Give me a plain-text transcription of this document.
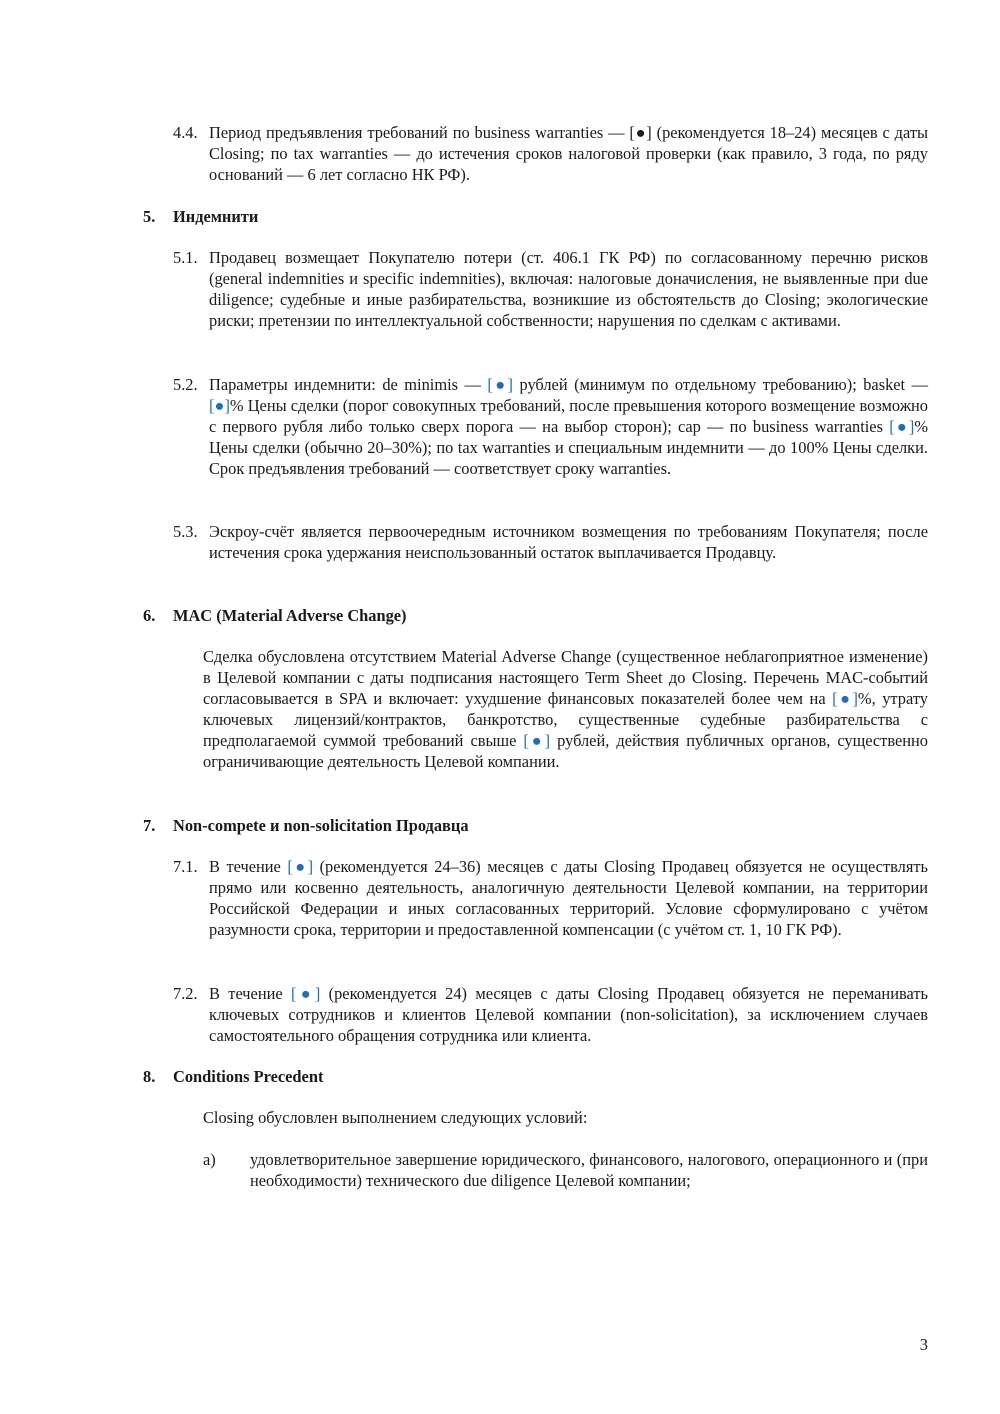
4.4. Период предъявления требований по business warranties — [●] (рекомендуется 18–24) месяцев с даты Closing; по tax warranties — до истечения сроков налоговой проверки (как правило, 3 года, по ряду оснований — 6 лет согласно НК РФ).
5. Индемнити
5.1. Продавец возмещает Покупателю потери (ст. 406.1 ГК РФ) по согласованному перечню рисков (general indemnities и specific indemnities), включая: налоговые доначисления, не выявленные при due diligence; судебные и иные разбирательства, возникшие из обстоятельств до Closing; экологические риски; претензии по интеллектуальной собственности; нарушения по сделкам с активами.
5.2. Параметры индемнити: de minimis — [●] рублей (минимум по отдельному требованию); basket — [●]% Цены сделки (порог совокупных требований, после превышения которого возмещение возможно с первого рубля либо только сверх порога — на выбор сторон); cap — по business warranties [●]% Цены сделки (обычно 20–30%); по tax warranties и специальным индемнити — до 100% Цены сделки. Срок предъявления требований — соответствует сроку warranties.
5.3. Эскроу-счёт является первоочередным источником возмещения по требованиям Покупателя; после истечения срока удержания неиспользованный остаток выплачивается Продавцу.
6. MAC (Material Adverse Change)
Сделка обусловлена отсутствием Material Adverse Change (существенное неблагоприятное изменение) в Целевой компании с даты подписания настоящего Term Sheet до Closing. Перечень MAC-событий согласовывается в SPA и включает: ухудшение финансовых показателей более чем на [●]%, утрату ключевых лицензий/контрактов, банкротство, существенные судебные разбирательства с предполагаемой суммой требований свыше [●] рублей, действия публичных органов, существенно ограничивающие деятельность Целевой компании.
7. Non-compete и non-solicitation Продавца
7.1. В течение [●] (рекомендуется 24–36) месяцев с даты Closing Продавец обязуется не осуществлять прямо или косвенно деятельность, аналогичную деятельности Целевой компании, на территории Российской Федерации и иных согласованных территорий. Условие сформулировано с учётом разумности срока, территории и предоставленной компенсации (с учётом ст. 1, 10 ГК РФ).
7.2. В течение [●] (рекомендуется 24) месяцев с даты Closing Продавец обязуется не переманивать ключевых сотрудников и клиентов Целевой компании (non-solicitation), за исключением случаев самостоятельного обращения сотрудника или клиента.
8. Conditions Precedent
Closing обусловлен выполнением следующих условий:
а) удовлетворительное завершение юридического, финансового, налогового, операционного и (при необходимости) технического due diligence Целевой компании;
3
